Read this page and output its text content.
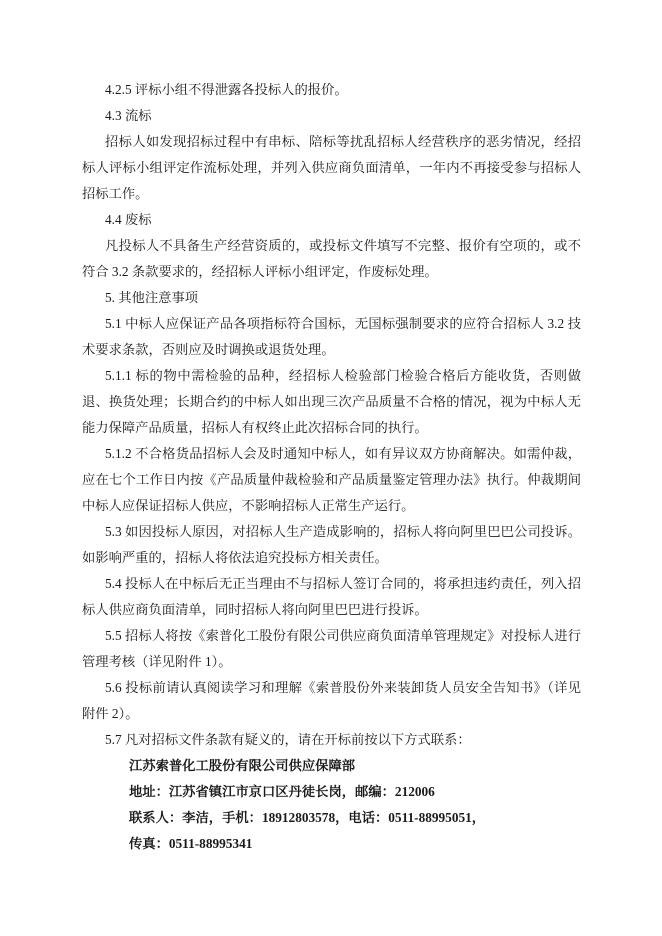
4.2.5 评标小组不得泄露各投标人的报价。

4.3 流标

招标人如发现招标过程中有串标、陪标等扰乱招标人经营秩序的恶劣情况，经招标人评标小组评定作流标处理，并列入供应商负面清单，一年内不再接受参与招标人招标工作。

4.4 废标

凡投标人不具备生产经营资质的，或投标文件填写不完整、报价有空项的，或不符合 3.2 条款要求的，经招标人评标小组评定，作废标处理。

5. 其他注意事项

5.1 中标人应保证产品各项指标符合国标，无国标强制要求的应符合招标人 3.2 技术要求条款，否则应及时调换或退货处理。

5.1.1 标的物中需检验的品种，经招标人检验部门检验合格后方能收货，否则做退、换货处理；长期合约的中标人如出现三次产品质量不合格的情况，视为中标人无能力保障产品质量，招标人有权终止此次招标合同的执行。

5.1.2 不合格货品招标人会及时通知中标人，如有异议双方协商解决。如需仲裁，应在七个工作日内按《产品质量仲裁检验和产品质量鉴定管理办法》执行。仲裁期间中标人应保证招标人供应，不影响招标人正常生产运行。

5.3 如因投标人原因，对招标人生产造成影响的，招标人将向阿里巴巴公司投诉。如影响严重的，招标人将依法追究投标方相关责任。

5.4 投标人在中标后无正当理由不与招标人签订合同的，将承担违约责任，列入招标人供应商负面清单，同时招标人将向阿里巴巴进行投诉。

5.5 招标人将按《索普化工股份有限公司供应商负面清单管理规定》对投标人进行管理考核（详见附件 1）。

5.6 投标前请认真阅读学习和理解《索普股份外来装卸货人员安全告知书》（详见附件 2）。

5.7 凡对招标文件条款有疑义的，请在开标前按以下方式联系：

江苏索普化工股份有限公司供应保障部

地址：江苏省镇江市京口区丹徒长岗，邮编：212006

联系人：李洁，手机：18912803578，电话：0511-88995051，

传真：0511-88995341
